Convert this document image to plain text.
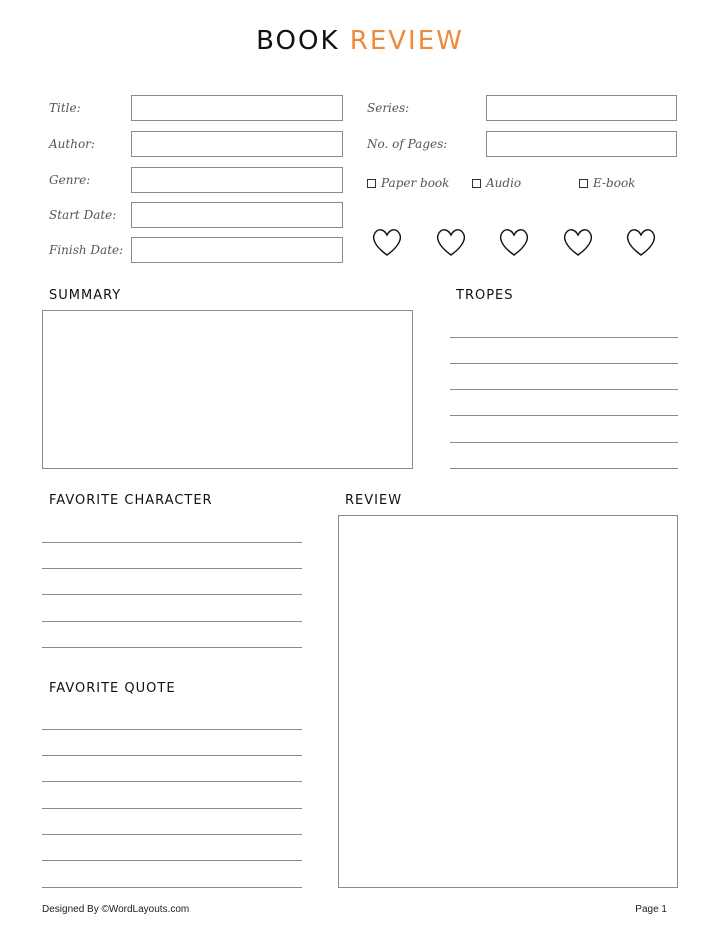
BOOK REVIEW
Title:
Author:
Genre:
Start Date:
Finish Date:
Series:
No. of Pages:
Paper book	Audio	E-book
SUMMARY	TROPES
FAVORITE CHARACTER	REVIEW
FAVORITE QUOTE
Designed By ©WordLayouts.com	Page 1
